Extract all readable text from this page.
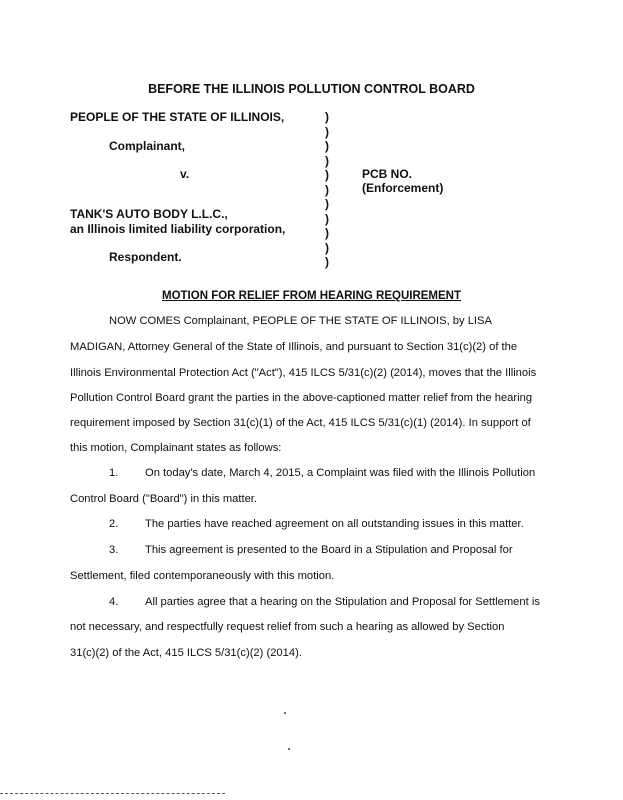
BEFORE THE ILLINOIS POLLUTION CONTROL BOARD
PEOPLE OF THE STATE OF ILLINOIS,
Complainant,
v.
TANK'S AUTO BODY L.L.C.,
an Illinois limited liability corporation,
Respondent.
)
)
)
)
)
)
)
)
)
)
)
PCB NO.
(Enforcement)
MOTION FOR RELIEF FROM HEARING REQUIREMENT
NOW COMES Complainant, PEOPLE OF THE STATE OF ILLINOIS, by LISA
MADIGAN, Attorney General of the State of Illinois, and pursuant to Section 31(c)(2) of the
Illinois Environmental Protection Act ("Act"), 415 ILCS 5/31(c)(2) (2014), moves that the Illinois
Pollution Control Board grant the parties in the above-captioned matter relief from the hearing
requirement imposed by Section 31(c)(1) of the Act, 415 ILCS 5/31(c)(1) (2014). In support of
this motion, Complainant states as follows:
1. On today's date, March 4, 2015, a Complaint was filed with the Illinois Pollution
Control Board ("Board") in this matter.
2. The parties have reached agreement on all outstanding issues in this matter.
3. This agreement is presented to the Board in a Stipulation and Proposal for
Settlement, filed contemporaneously with this motion.
4. All parties agree that a hearing on the Stipulation and Proposal for Settlement is
not necessary, and respectfully request relief from such a hearing as allowed by Section
31(c)(2) of the Act, 415 ILCS 5/31(c)(2) (2014).
